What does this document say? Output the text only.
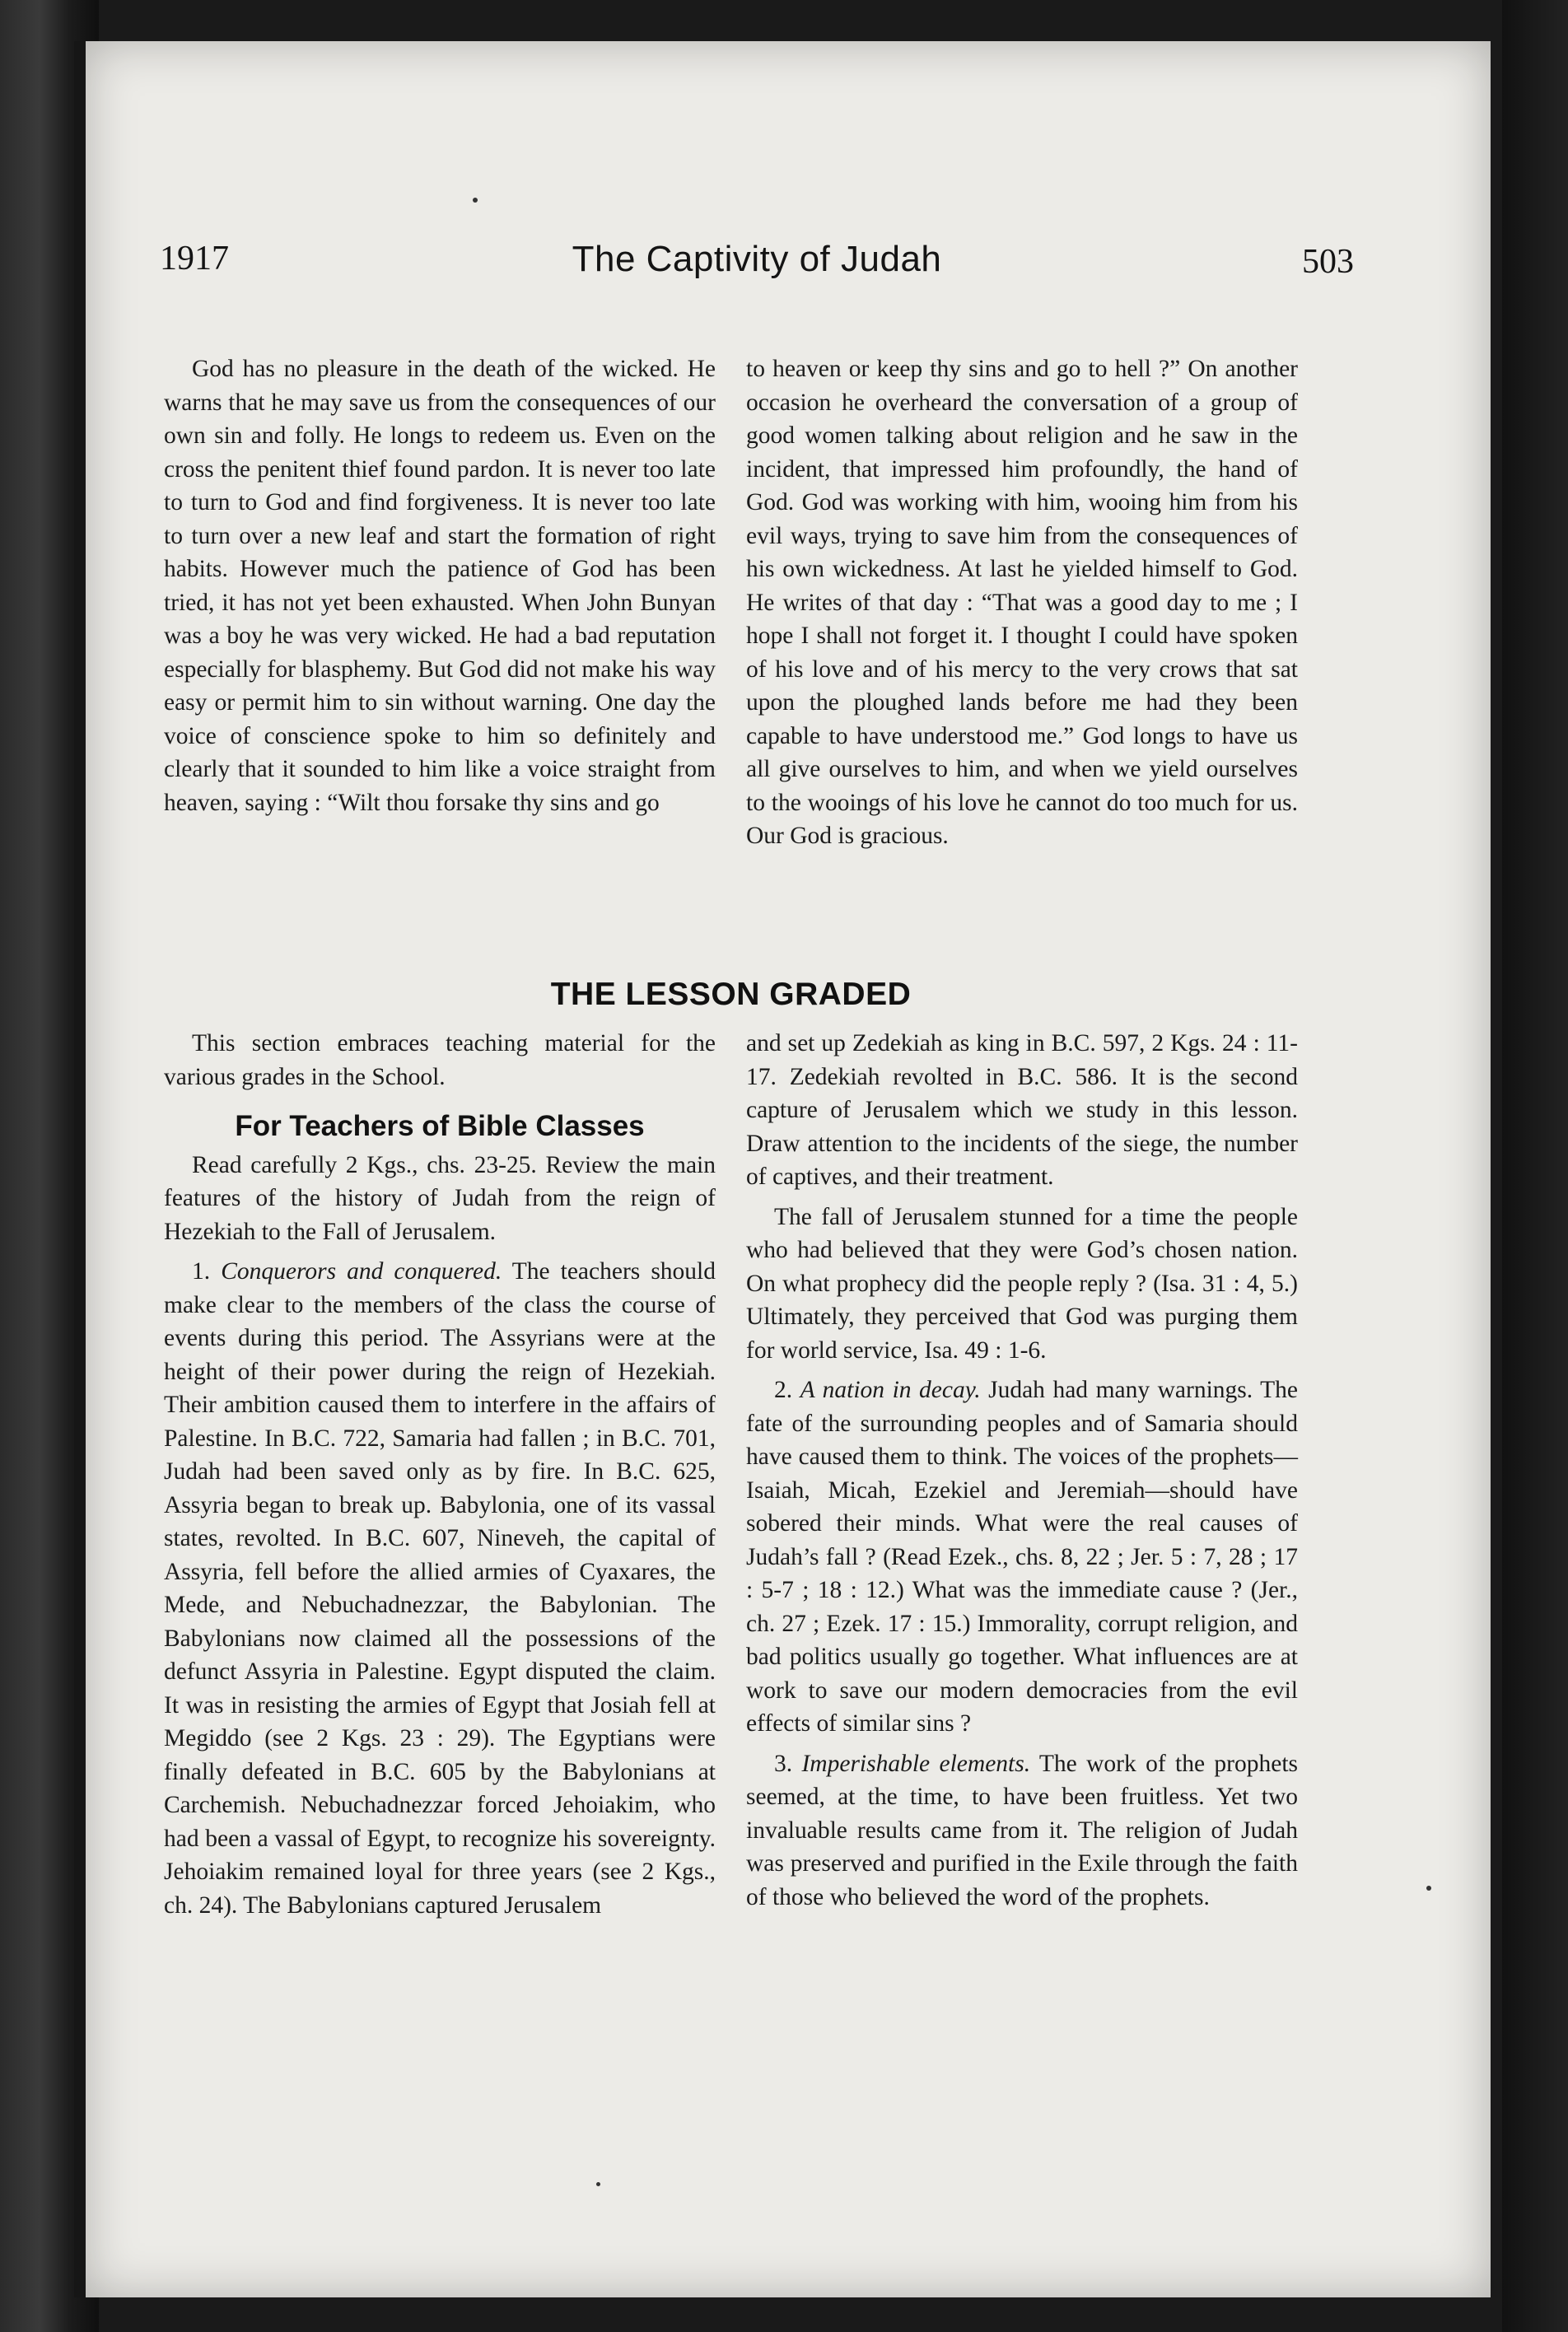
1917	The Captivity of Judah	503

God has no pleasure in the death of the wicked. He warns that he may save us from the consequences of our own sin and folly. He longs to redeem us. Even on the cross the penitent thief found pardon. It is never too late to turn to God and find forgiveness. It is never too late to turn over a new leaf and start the formation of right habits. However much the patience of God has been tried, it has not yet been exhausted. When John Bunyan was a boy he was very wicked. He had a bad reputation especially for blasphemy. But God did not make his way easy or permit him to sin without warning. One day the voice of conscience spoke to him so definitely and clearly that it sounded to him like a voice straight from heaven, saying : “Wilt thou forsake thy sins and go

to heaven or keep thy sins and go to hell ?” On another occasion he overheard the conversation of a group of good women talking about religion and he saw in the incident, that impressed him profoundly, the hand of God. God was working with him, wooing him from his evil ways, trying to save him from the consequences of his own wickedness. At last he yielded himself to God. He writes of that day : “That was a good day to me ; I hope I shall not forget it. I thought I could have spoken of his love and of his mercy to the very crows that sat upon the ploughed lands before me had they been capable to have understood me.” God longs to have us all give ourselves to him, and when we yield ourselves to the wooings of his love he cannot do too much for us. Our God is gracious.

THE LESSON GRADED

This section embraces teaching material for the various grades in the School.

For Teachers of Bible Classes

Read carefully 2 Kgs., chs. 23-25. Review the main features of the history of Judah from the reign of Hezekiah to the Fall of Jerusalem.

1. Conquerors and conquered. The teachers should make clear to the members of the class the course of events during this period. The Assyrians were at the height of their power during the reign of Hezekiah. Their ambition caused them to interfere in the affairs of Palestine. In B.C. 722, Samaria had fallen ; in B.C. 701, Judah had been saved only as by fire. In B.C. 625, Assyria began to break up. Babylonia, one of its vassal states, revolted. In B.C. 607, Nineveh, the capital of Assyria, fell before the allied armies of Cyaxares, the Mede, and Nebuchadnezzar, the Babylonian. The Babylonians now claimed all the possessions of the defunct Assyria in Palestine. Egypt disputed the claim. It was in resisting the armies of Egypt that Josiah fell at Megiddo (see 2 Kgs. 23 : 29). The Egyptians were finally defeated in B.C. 605 by the Babylonians at Carchemish. Nebuchadnezzar forced Jehoiakim, who had been a vassal of Egypt, to recognize his sovereignty. Jehoiakim remained loyal for three years (see 2 Kgs., ch. 24). The Babylonians captured Jerusalem

and set up Zedekiah as king in B.C. 597, 2 Kgs. 24 : 11-17. Zedekiah revolted in B.C. 586. It is the second capture of Jerusalem which we study in this lesson. Draw attention to the incidents of the siege, the number of captives, and their treatment.

The fall of Jerusalem stunned for a time the people who had believed that they were God’s chosen nation. On what prophecy did the people reply ? (Isa. 31 : 4, 5.) Ultimately, they perceived that God was purging them for world service, Isa. 49 : 1-6.

2. A nation in decay. Judah had many warnings. The fate of the surrounding peoples and of Samaria should have caused them to think. The voices of the prophets—Isaiah, Micah, Ezekiel and Jeremiah—should have sobered their minds. What were the real causes of Judah’s fall ? (Read Ezek., chs. 8, 22 ; Jer. 5 : 7, 28 ; 17 : 5-7 ; 18 : 12.) What was the immediate cause ? (Jer., ch. 27 ; Ezek. 17 : 15.) Immorality, corrupt religion, and bad politics usually go together. What influences are at work to save our modern democracies from the evil effects of similar sins ?

3. Imperishable elements. The work of the prophets seemed, at the time, to have been fruitless. Yet two invaluable results came from it. The religion of Judah was preserved and purified in the Exile through the faith of those who believed the word of the prophets.
